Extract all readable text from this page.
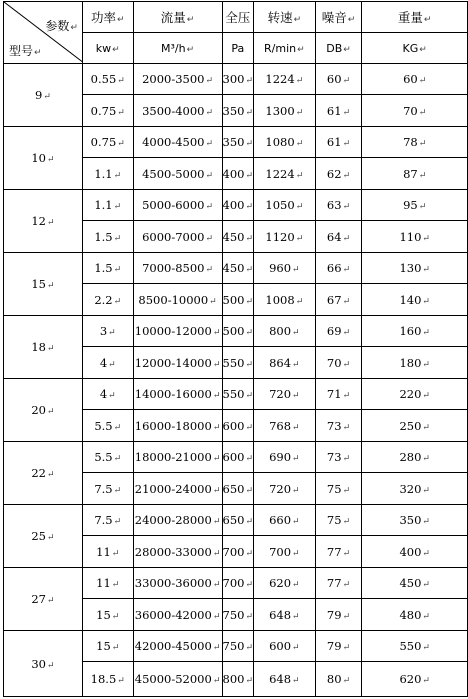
参数↵
型号↵	功率↵	流量↵	全压	转速↵	噪音↵	重量↵
	kw↵	M³/h↵	Pa	R/min↵	DB↵	KG↵
9↵	0.55↵	2000-3500↵	300↵	1224↵	60↵	60↵
	0.75↵	3500-4000↵	350↵	1300↵	61↵	70↵
10↵	0.75↵	4000-4500↵	350↵	1080↵	61↵	78↵
	1.1↵	4500-5000↵	400↵	1224↵	62↵	87↵
12↵	1.1↵	5000-6000↵	400↵	1050↵	63↵	95↵
	1.5↵	6000-7000↵	450↵	1120↵	64↵	110↵
15↵	1.5↵	7000-8500↵	450↵	960↵	66↵	130↵
	2.2↵	8500-10000↵	500↵	1008↵	67↵	140↵
18↵	3↵	10000-12000↵	500↵	800↵	69↵	160↵
	4↵	12000-14000↵	550↵	864↵	70↵	180↵
20↵	4↵	14000-16000↵	550↵	720↵	71↵	220↵
	5.5↵	16000-18000↵	600↵	768↵	73↵	250↵
22↵	5.5↵	18000-21000↵	600↵	690↵	73↵	280↵
	7.5↵	21000-24000↵	650↵	720↵	75↵	320↵
25↵	7.5↵	24000-28000↵	650↵	660↵	75↵	350↵
	11↵	28000-33000↵	700↵	700↵	77↵	400↵
27↵	11↵	33000-36000↵	700↵	620↵	77↵	450↵
	15↵	36000-42000↵	750↵	648↵	79↵	480↵
30↵	15↵	42000-45000↵	750↵	600↵	79↵	550↵
	18.5↵	45000-52000↵	800↵	648↵	80↵	620↵
